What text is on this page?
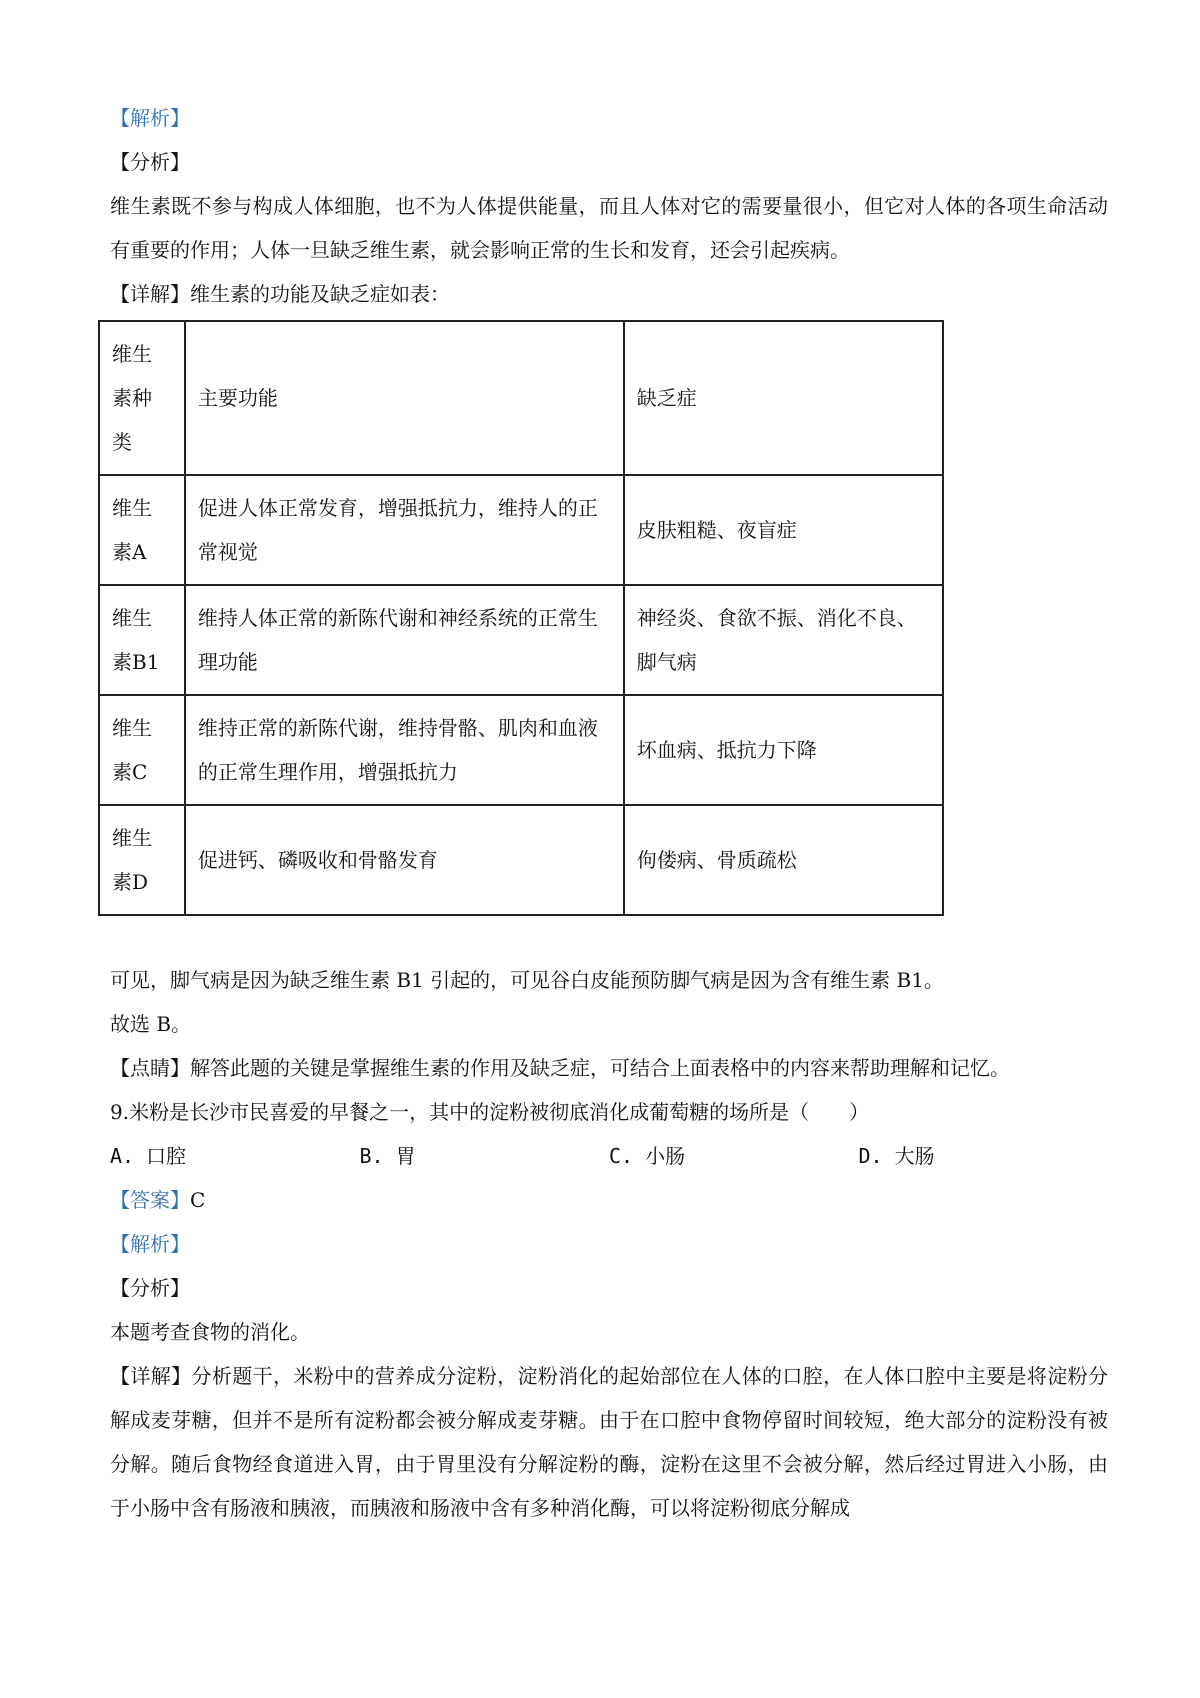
【解析】

【分析】

维生素既不参与构成人体细胞，也不为人体提供能量，而且人体对它的需要量很小，但它对人体的各项生命活动有重要的作用；人体一旦缺乏维生素，就会影响正常的生长和发育，还会引起疾病。

【详解】维生素的功能及缺乏症如表：

维生素种类	主要功能	缺乏症
维生素A	促进人体正常发育，增强抵抗力，维持人的正常视觉	皮肤粗糙、夜盲症
维生素B1	维持人体正常的新陈代谢和神经系统的正常生理功能	神经炎、食欲不振、消化不良、脚气病
维生素C	维持正常的新陈代谢，维持骨骼、肌肉和血液的正常生理作用，增强抵抗力	坏血病、抵抗力下降
维生素D	促进钙、磷吸收和骨骼发育	佝偻病、骨质疏松

可见，脚气病是因为缺乏维生素 B1 引起的，可见谷白皮能预防脚气病是因为含有维生素 B1。

故选 B。

【点睛】解答此题的关键是掌握维生素的作用及缺乏症，可结合上面表格中的内容来帮助理解和记忆。

9.米粉是长沙市民喜爱的早餐之一，其中的淀粉被彻底消化成葡萄糖的场所是（　　）

A. 口腔	B. 胃	C. 小肠	D. 大肠

【答案】C

【解析】

【分析】

本题考查食物的消化。

【详解】分析题干，米粉中的营养成分淀粉，淀粉消化的起始部位在人体的口腔，在人体口腔中主要是将淀粉分解成麦芽糖，但并不是所有淀粉都会被分解成麦芽糖。由于在口腔中食物停留时间较短，绝大部分的淀粉没有被分解。随后食物经食道进入胃，由于胃里没有分解淀粉的酶，淀粉在这里不会被分解，然后经过胃进入小肠，由于小肠中含有肠液和胰液，而胰液和肠液中含有多种消化酶，可以将淀粉彻底分解成
